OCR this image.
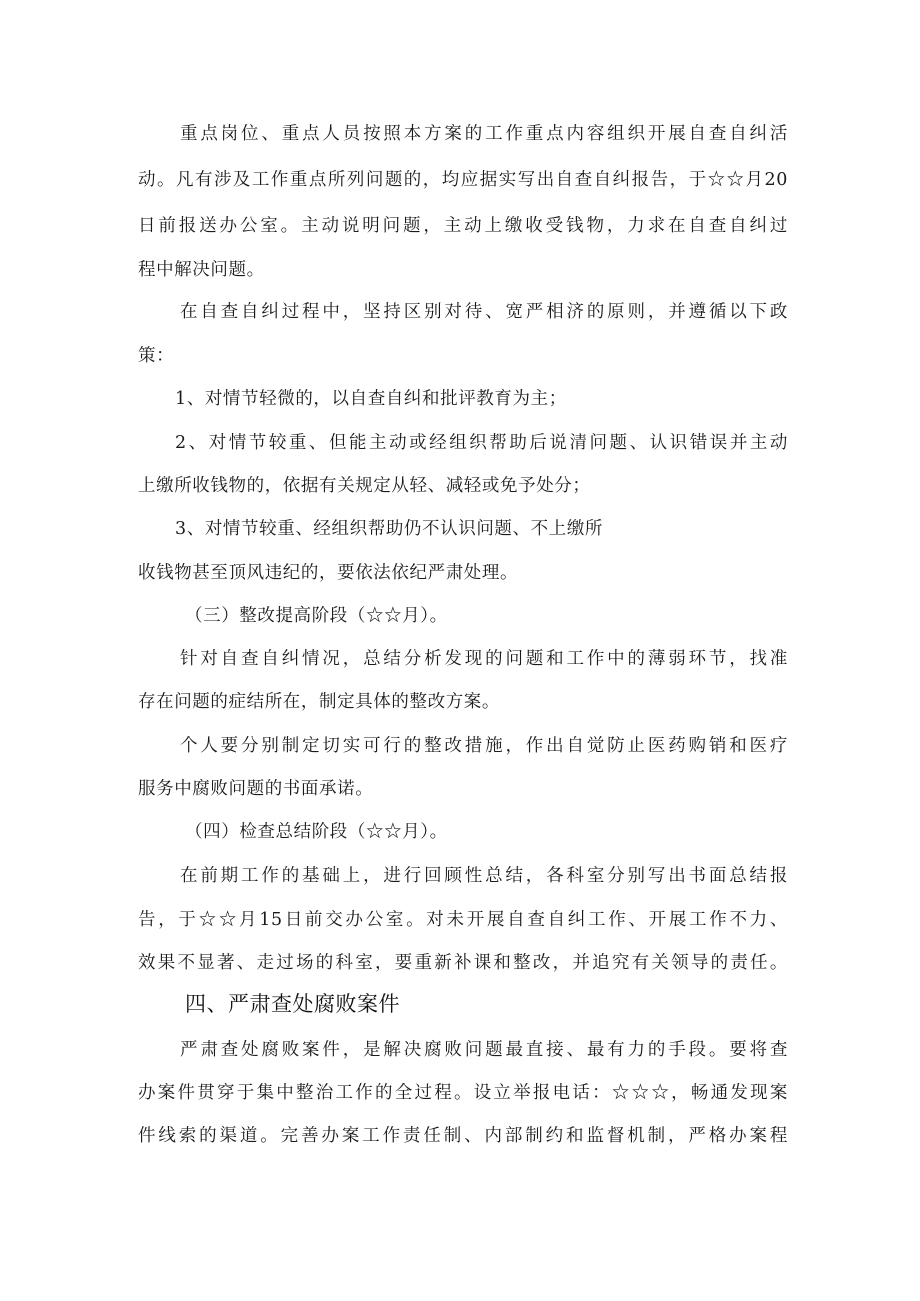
重点岗位、重点人员按照本方案的工作重点内容组织开展自查自纠活
动。凡有涉及工作重点所列问题的，均应据实写出自查自纠报告，于☆☆月20
日前报送办公室。主动说明问题，主动上缴收受钱物，力求在自查自纠过
程中解决问题。
在自查自纠过程中，坚持区别对待、宽严相济的原则，并遵循以下政
策：
1、对情节轻微的，以自查自纠和批评教育为主；
2、对情节较重、但能主动或经组织帮助后说清问题、认识错误并主动
上缴所收钱物的，依据有关规定从轻、减轻或免予处分；
3、对情节较重、经组织帮助仍不认识问题、不上缴所
收钱物甚至顶风违纪的，要依法依纪严肃处理。
（三）整改提高阶段（☆☆月）。
针对自查自纠情况，总结分析发现的问题和工作中的薄弱环节，找准
存在问题的症结所在，制定具体的整改方案。
个人要分别制定切实可行的整改措施，作出自觉防止医药购销和医疗
服务中腐败问题的书面承诺。
（四）检查总结阶段（☆☆月）。
在前期工作的基础上，进行回顾性总结，各科室分别写出书面总结报
告，于☆☆月15日前交办公室。对未开展自查自纠工作、开展工作不力、
效果不显著、走过场的科室，要重新补课和整改，并追究有关领导的责任。
四、严肃查处腐败案件
严肃查处腐败案件，是解决腐败问题最直接、最有力的手段。要将查
办案件贯穿于集中整治工作的全过程。设立举报电话：☆☆☆，畅通发现案
件线索的渠道。完善办案工作责任制、内部制约和监督机制，严格办案程
